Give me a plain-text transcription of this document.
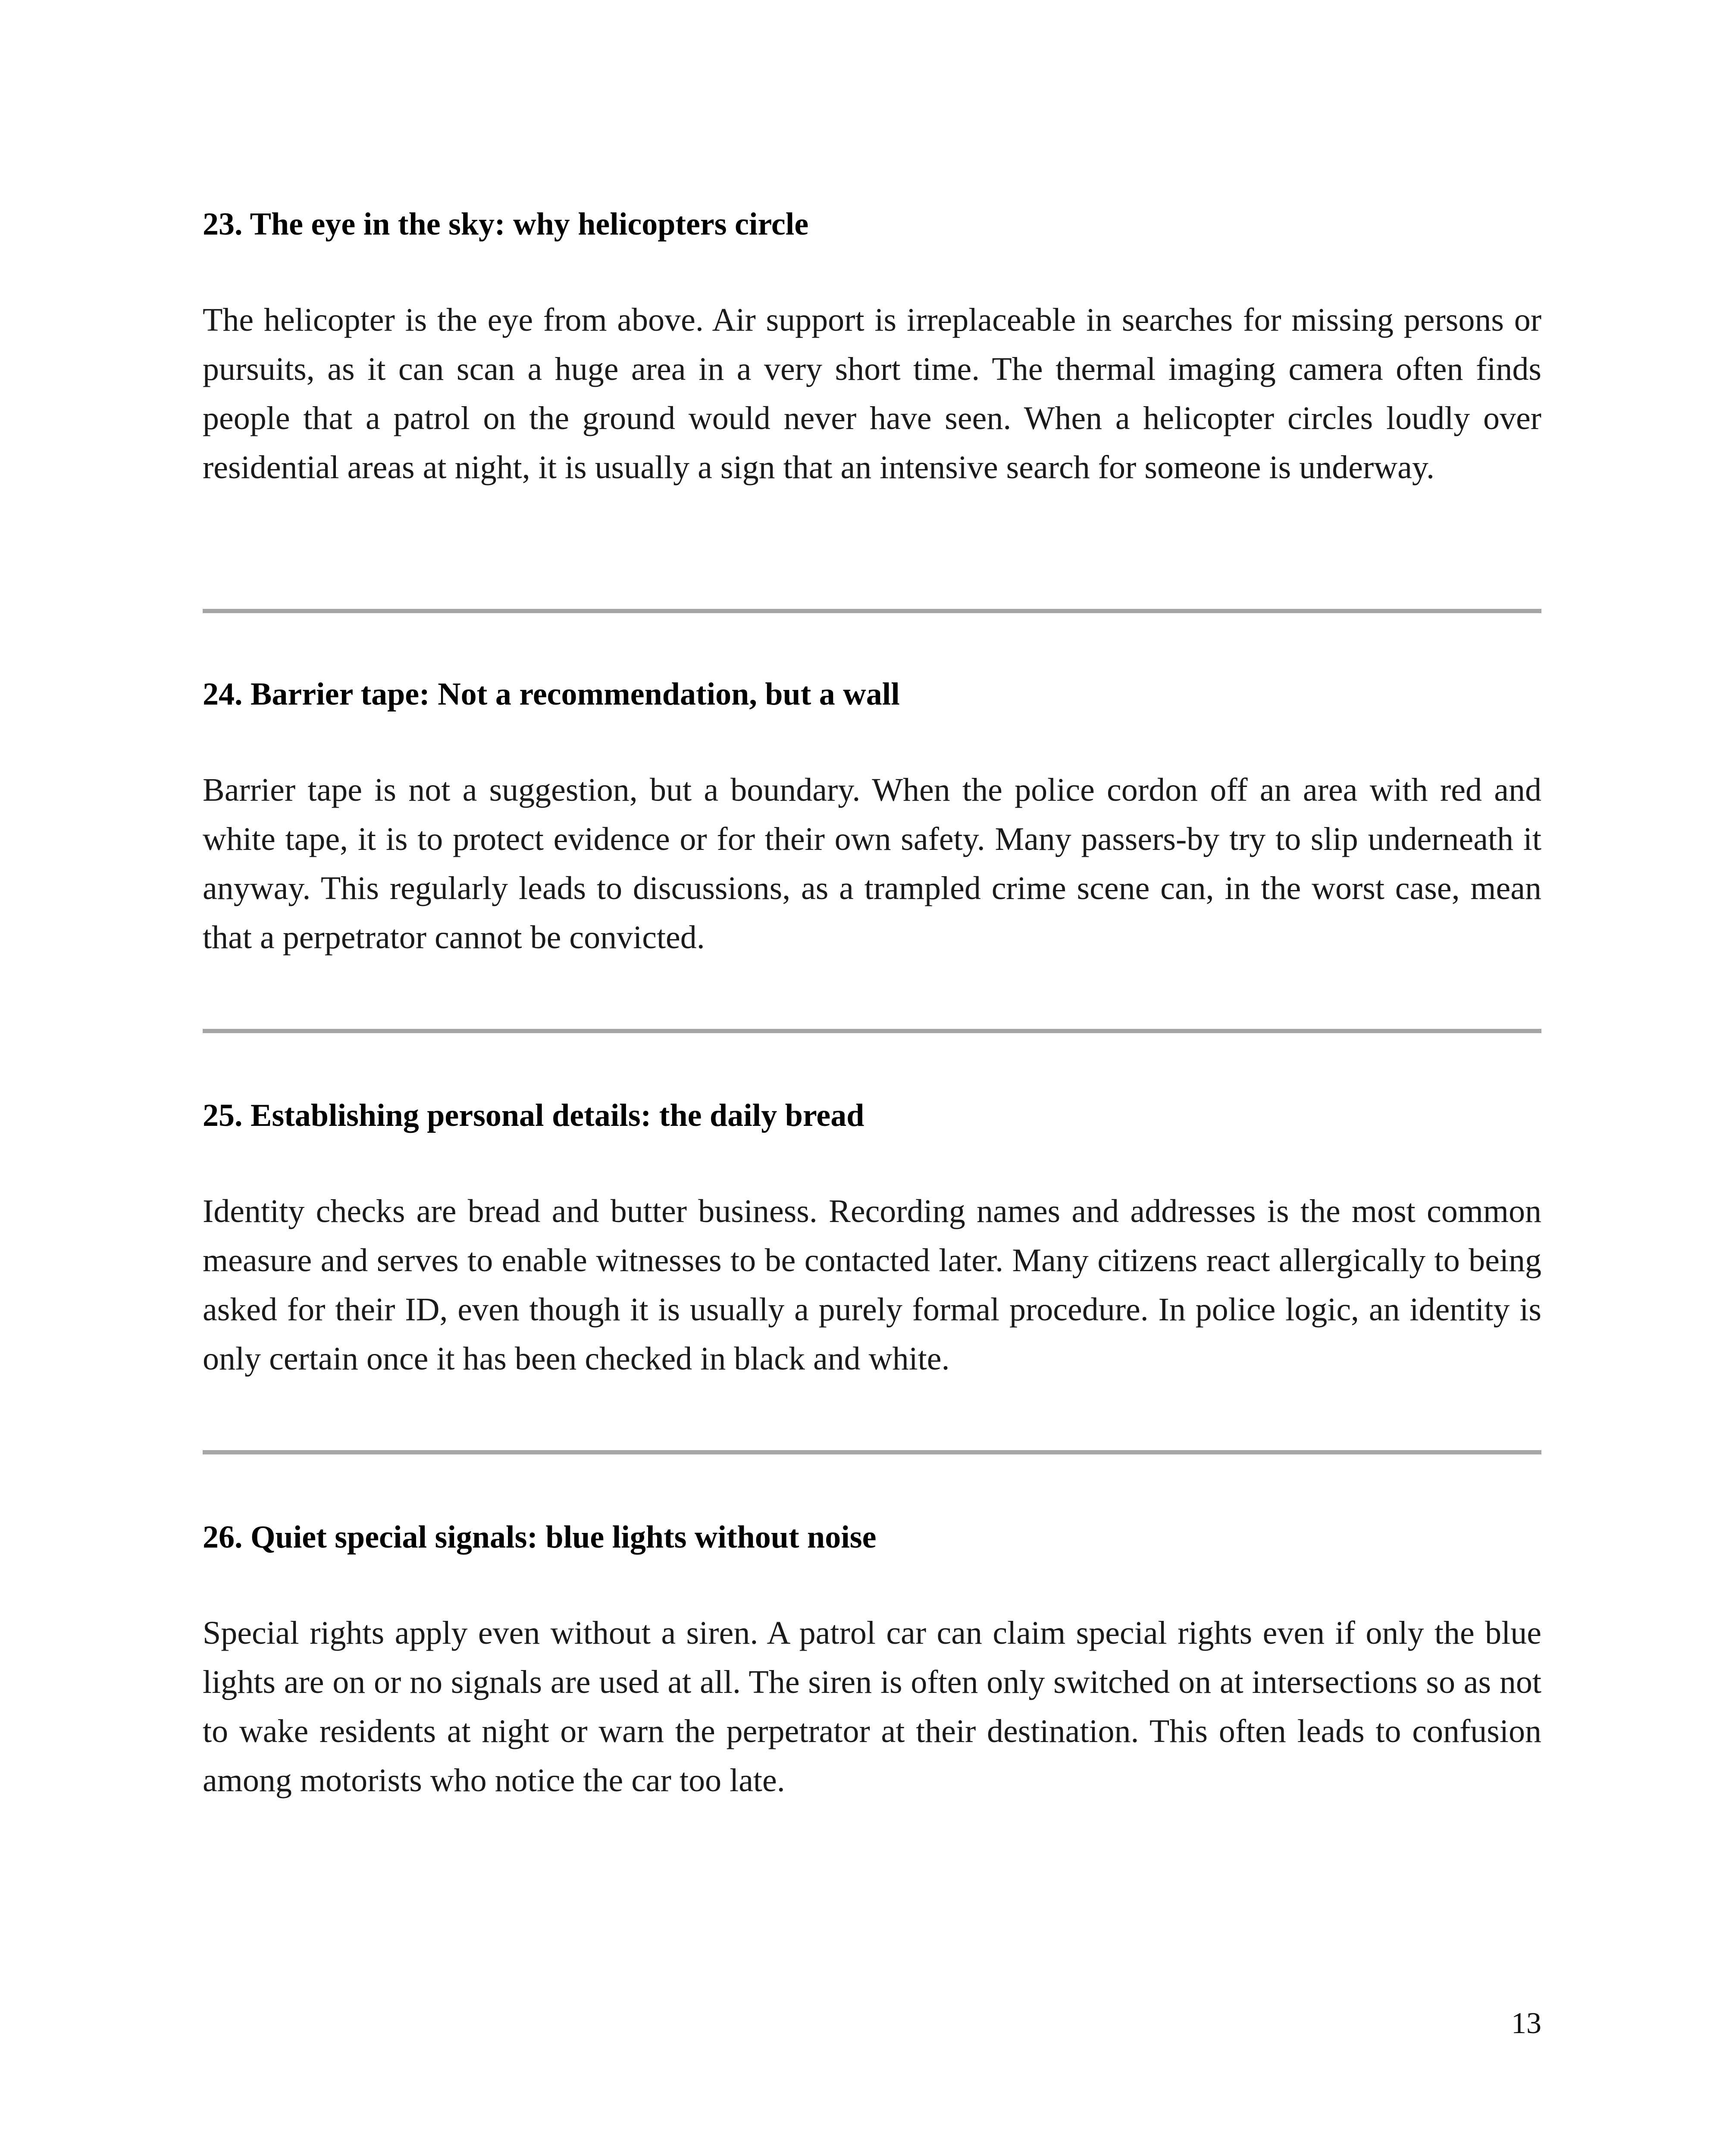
23. The eye in the sky: why helicopters circle

The helicopter is the eye from above. Air support is irreplaceable in searches for missing persons or pursuits, as it can scan a huge area in a very short time. The thermal imaging camera often finds people that a patrol on the ground would never have seen. When a helicopter circles loudly over residential areas at night, it is usually a sign that an intensive search for someone is underway.

24. Barrier tape: Not a recommendation, but a wall

Barrier tape is not a suggestion, but a boundary. When the police cordon off an area with red and white tape, it is to protect evidence or for their own safety. Many passers-by try to slip underneath it anyway. This regularly leads to discussions, as a trampled crime scene can, in the worst case, mean that a perpetrator cannot be convicted.

25. Establishing personal details: the daily bread

Identity checks are bread and butter business. Recording names and addresses is the most common measure and serves to enable witnesses to be contacted later. Many citizens react allergically to being asked for their ID, even though it is usually a purely formal procedure. In police logic, an identity is only certain once it has been checked in black and white.

26. Quiet special signals: blue lights without noise

Special rights apply even without a siren. A patrol car can claim special rights even if only the blue lights are on or no signals are used at all. The siren is often only switched on at intersections so as not to wake residents at night or warn the perpetrator at their destination. This often leads to confusion among motorists who notice the car too late.

13
